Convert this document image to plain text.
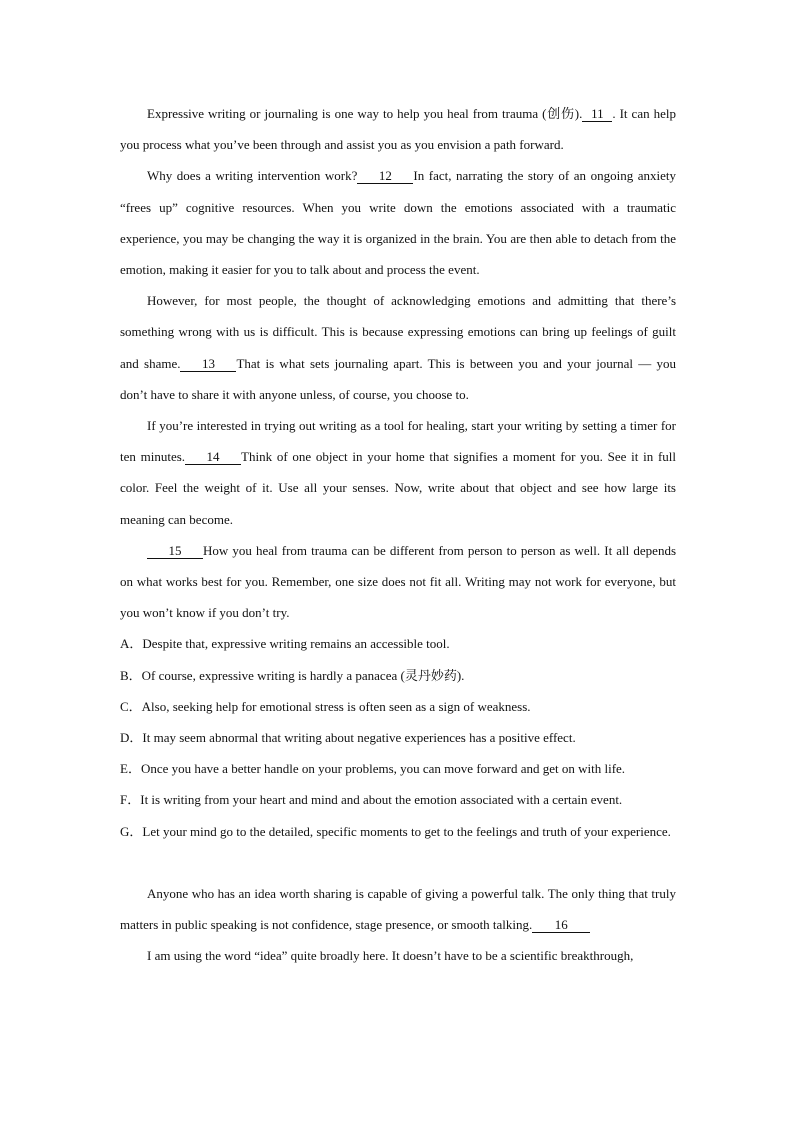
Expressive writing or journaling is one way to help you heal from trauma (创伤). 11 . It can help you process what you’ve been through and assist you as you envision a path forward.

Why does a writing intervention work? 12 In fact, narrating the story of an ongoing anxiety “frees up” cognitive resources. When you write down the emotions associated with a traumatic experience, you may be changing the way it is organized in the brain. You are then able to detach from the emotion, making it easier for you to talk about and process the event.

However, for most people, the thought of acknowledging emotions and admitting that there’s something wrong with us is difficult. This is because expressing emotions can bring up feelings of guilt and shame. 13 That is what sets journaling apart. This is between you and your journal — you don’t have to share it with anyone unless, of course, you choose to.

If you’re interested in trying out writing as a tool for healing, start your writing by setting a timer for ten minutes. 14 Think of one object in your home that signifies a moment for you. See it in full color. Feel the weight of it. Use all your senses. Now, write about that object and see how large its meaning can become.

15 How you heal from trauma can be different from person to person as well. It all depends on what works best for you. Remember, one size does not fit all. Writing may not work for everyone, but you won’t know if you don’t try.

A．Despite that, expressive writing remains an accessible tool.

B．Of course, expressive writing is hardly a panacea (灵丹妙药).

C．Also, seeking help for emotional stress is often seen as a sign of weakness.

D．It may seem abnormal that writing about negative experiences has a positive effect.

E．Once you have a better handle on your problems, you can move forward and get on with life.

F．It is writing from your heart and mind and about the emotion associated with a certain event.

G．Let your mind go to the detailed, specific moments to get to the feelings and truth of your experience.

Anyone who has an idea worth sharing is capable of giving a powerful talk. The only thing that truly matters in public speaking is not confidence, stage presence, or smooth talking. 16

I am using the word “idea” quite broadly here. It doesn’t have to be a scientific breakthrough,
